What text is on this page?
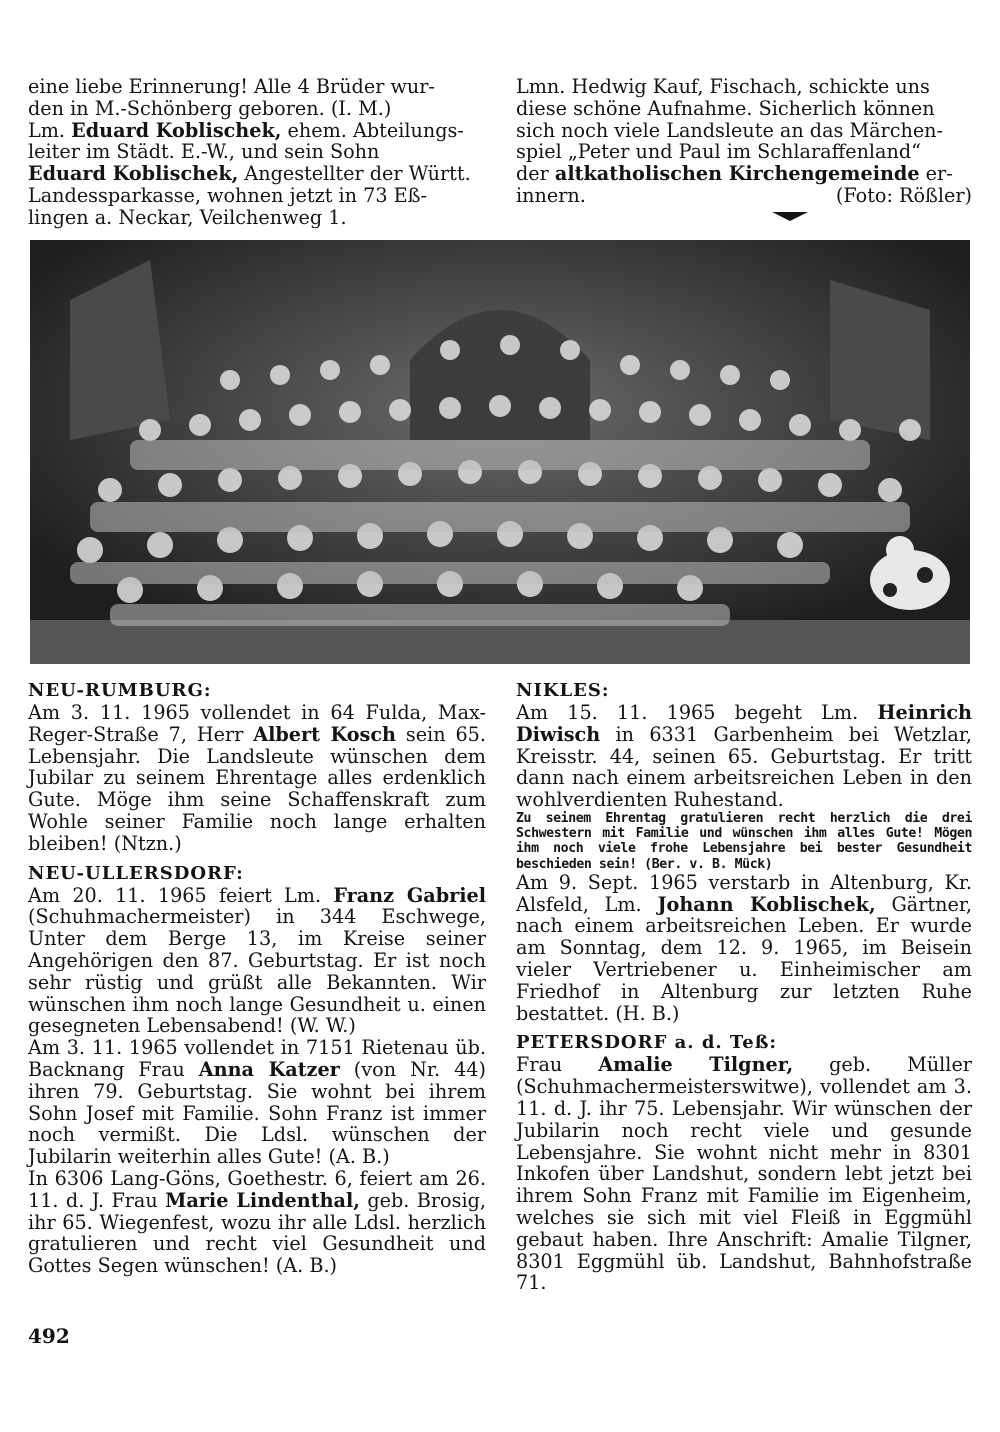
eine liebe Erinnerung! Alle 4 Brüder wur-

den in M.-Schönberg geboren. (I. M.)

Lm. Eduard Koblischek, ehem. Abteilungs-

leiter im Städt. E.-W., und sein Sohn

Eduard Koblischek, Angestellter der Württ.

Landessparkasse, wohnen jetzt in 73 Eß-

lingen a. Neckar, Veilchenweg 1.

Lmn. Hedwig Kauf, Fischach, schickte uns

diese schöne Aufnahme. Sicherlich können

sich noch viele Landsleute an das Märchen-

spiel „Peter und Paul im Schlaraffenland“

der altkatholischen Kirchengemeinde er-

innern.	(Foto: Rößler)

NEU-RUMBURG:

Am 3. 11. 1965 vollendet in 64 Fulda, Max-Reger-Straße 7, Herr Albert Kosch sein 65. Lebensjahr. Die Landsleute wünschen dem Jubilar zu seinem Ehrentage alles erdenklich Gute. Möge ihm seine Schaffenskraft zum Wohle seiner Familie noch lange erhalten bleiben! (Ntzn.)

NEU-ULLERSDORF:

Am 20. 11. 1965 feiert Lm. Franz Gabriel (Schuhmachermeister) in 344 Eschwege, Unter dem Berge 13, im Kreise seiner Angehörigen den 87. Geburtstag. Er ist noch sehr rüstig und grüßt alle Bekannten. Wir wünschen ihm noch lange Gesundheit u. einen gesegneten Lebensabend! (W. W.)

Am 3. 11. 1965 vollendet in 7151 Rietenau üb. Backnang Frau Anna Katzer (von Nr. 44) ihren 79. Geburtstag. Sie wohnt bei ihrem Sohn Josef mit Familie. Sohn Franz ist immer noch vermißt. Die Ldsl. wünschen der Jubilarin weiterhin alles Gute! (A. B.)

In 6306 Lang-Göns, Goethestr. 6, feiert am 26. 11. d. J. Frau Marie Lindenthal, geb. Brosig, ihr 65. Wiegenfest, wozu ihr alle Ldsl. herzlich gratulieren und recht viel Gesundheit und Gottes Segen wünschen! (A. B.)

NIKLES:

Am 15. 11. 1965 begeht Lm. Heinrich Diwisch in 6331 Garbenheim bei Wetzlar, Kreisstr. 44, seinen 65. Geburtstag. Er tritt dann nach einem arbeitsreichen Leben in den wohlverdienten Ruhestand.

Zu seinem Ehrentag gratulieren recht herzlich die drei Schwestern mit Familie und wünschen ihm alles Gute! Mögen ihm noch viele frohe Lebensjahre bei bester Gesundheit beschieden sein! (Ber. v. B. Mück)

Am 9. Sept. 1965 verstarb in Altenburg, Kr. Alsfeld, Lm. Johann Koblischek, Gärtner, nach einem arbeitsreichen Leben. Er wurde am Sonntag, dem 12. 9. 1965, im Beisein vieler Vertriebener u. Einheimischer am Friedhof in Altenburg zur letzten Ruhe bestattet. (H. B.)

PETERSDORF a. d. Teß:

Frau Amalie Tilgner, geb. Müller (Schuhmachermeisterswitwe), vollendet am 3. 11. d. J. ihr 75. Lebensjahr. Wir wünschen der Jubilarin noch recht viele und gesunde Lebensjahre. Sie wohnt nicht mehr in 8301 Inkofen über Landshut, sondern lebt jetzt bei ihrem Sohn Franz mit Familie im Eigenheim, welches sie sich mit viel Fleiß in Eggmühl gebaut haben. Ihre Anschrift: Amalie Tilgner, 8301 Eggmühl üb. Landshut, Bahnhofstraße 71.

492
